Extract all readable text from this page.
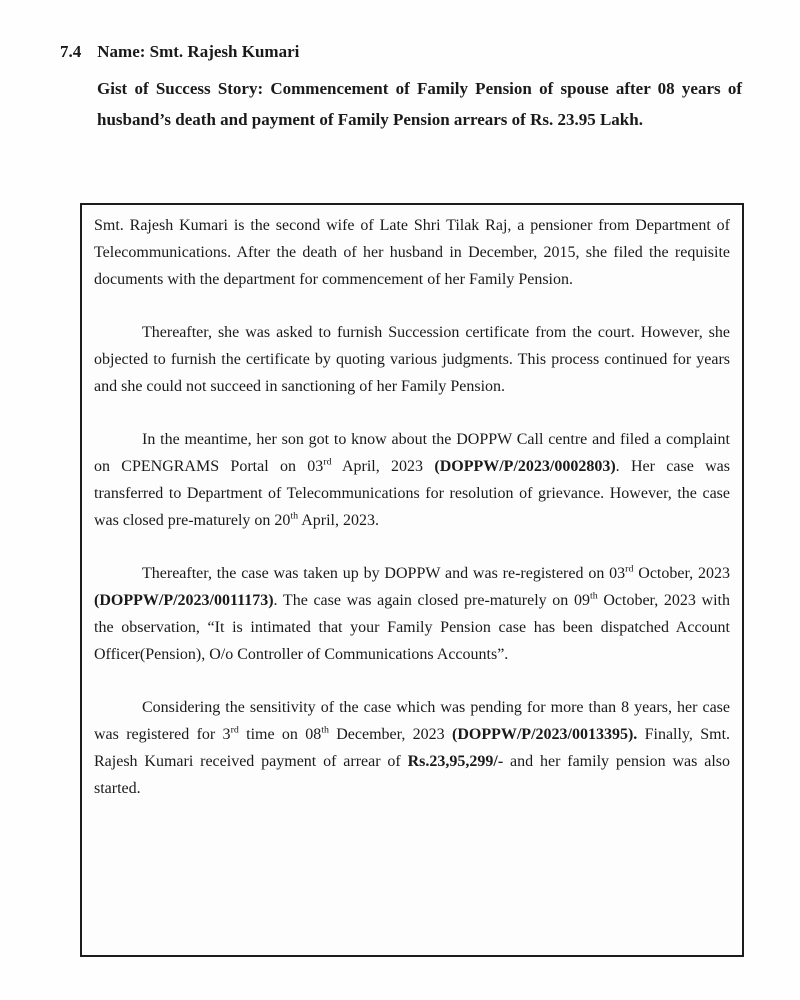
7.4 Name: Smt. Rajesh Kumari
Gist of Success Story: Commencement of Family Pension of spouse after 08 years of husband’s death and payment of Family Pension arrears of Rs. 23.95 Lakh.

Smt. Rajesh Kumari is the second wife of Late Shri Tilak Raj, a pensioner from Department of Telecommunications. After the death of her husband in December, 2015, she filed the requisite documents with the department for commencement of her Family Pension.

Thereafter, she was asked to furnish Succession certificate from the court. However, she objected to furnish the certificate by quoting various judgments. This process continued for years and she could not succeed in sanctioning of her Family Pension.

In the meantime, her son got to know about the DOPPW Call centre and filed a complaint on CPENGRAMS Portal on 03rd April, 2023 (DOPPW/P/2023/0002803). Her case was transferred to Department of Telecommunications for resolution of grievance. However, the case was closed pre-maturely on 20th April, 2023.

Thereafter, the case was taken up by DOPPW and was re-registered on 03rd October, 2023 (DOPPW/P/2023/0011173). The case was again closed pre-maturely on 09th October, 2023 with the observation, “It is intimated that your Family Pension case has been dispatched Account Officer(Pension), O/o Controller of Communications Accounts”.

Considering the sensitivity of the case which was pending for more than 8 years, her case was registered for 3rd time on 08th December, 2023 (DOPPW/P/2023/0013395). Finally, Smt. Rajesh Kumari received payment of arrear of Rs.23,95,299/- and her family pension was also started.
